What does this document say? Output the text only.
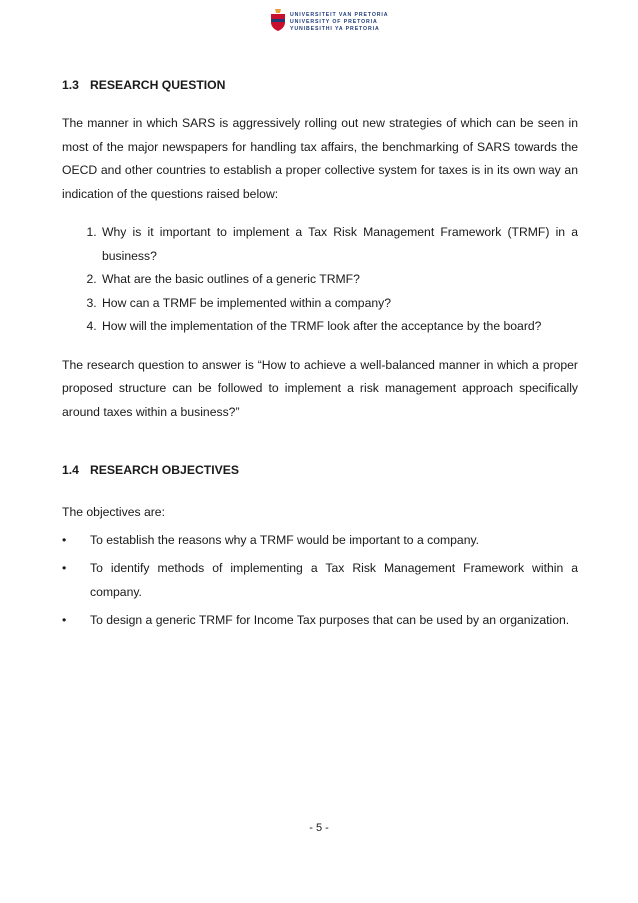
UNIVERSITEIT VAN PRETORIA
UNIVERSITY OF PRETORIA
YUNIBESITHI YA PRETORIA
1.3 RESEARCH QUESTION

The manner in which SARS is aggressively rolling out new strategies of which can be seen in most of the major newspapers for handling tax affairs, the benchmarking of SARS towards the OECD and other countries to establish a proper collective system for taxes is in its own way an indication of the questions raised below:

1. Why is it important to implement a Tax Risk Management Framework (TRMF) in a business?
2. What are the basic outlines of a generic TRMF?
3. How can a TRMF be implemented within a company?
4. How will the implementation of the TRMF look after the acceptance by the board?

The research question to answer is “How to achieve a well-balanced manner in which a proper proposed structure can be followed to implement a risk management approach specifically around taxes within a business?”

1.4 RESEARCH OBJECTIVES

The objectives are:

• To establish the reasons why a TRMF would be important to a company.
• To identify methods of implementing a Tax Risk Management Framework within a company.
• To design a generic TRMF for Income Tax purposes that can be used by an organization.
- 5 -
